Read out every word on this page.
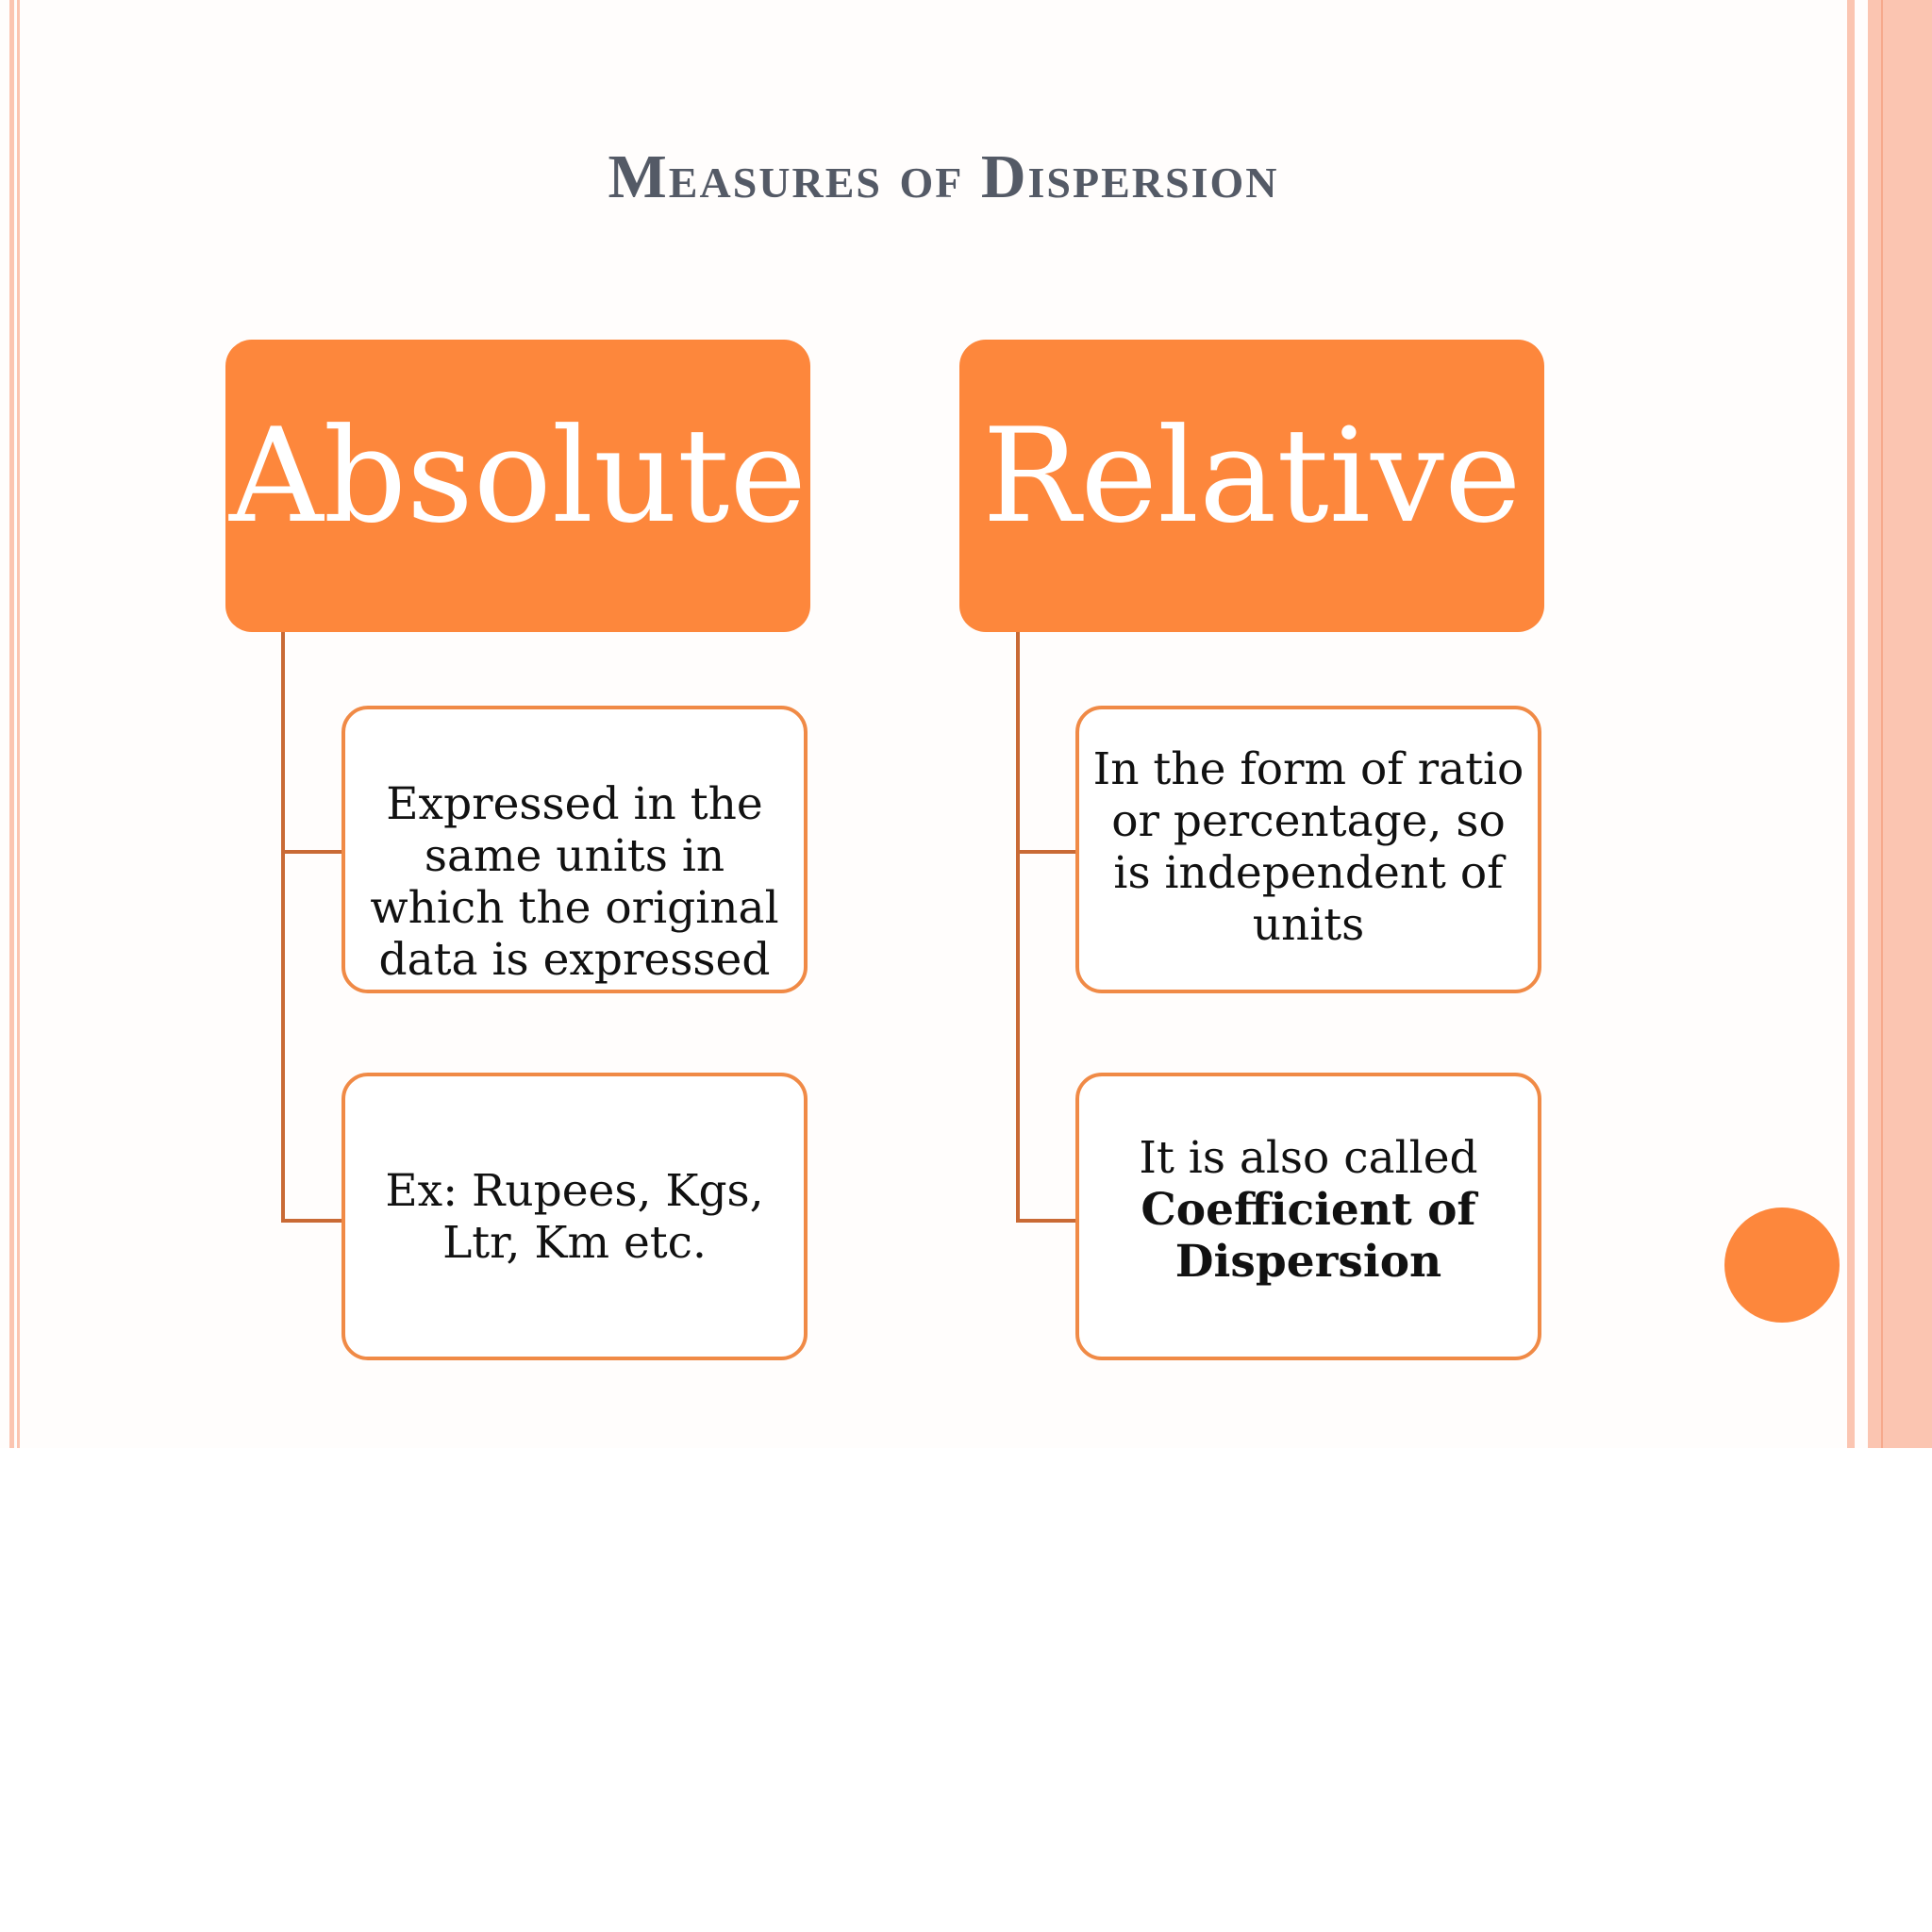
Measures of Dispersion
Absolute Relative
Expressed in the same units in which the original data is expressed
Ex: Rupees, Kgs, Ltr, Km etc.
In the form of ratio or percentage, so is independent of units
It is also called
Coefficient of Dispersion
